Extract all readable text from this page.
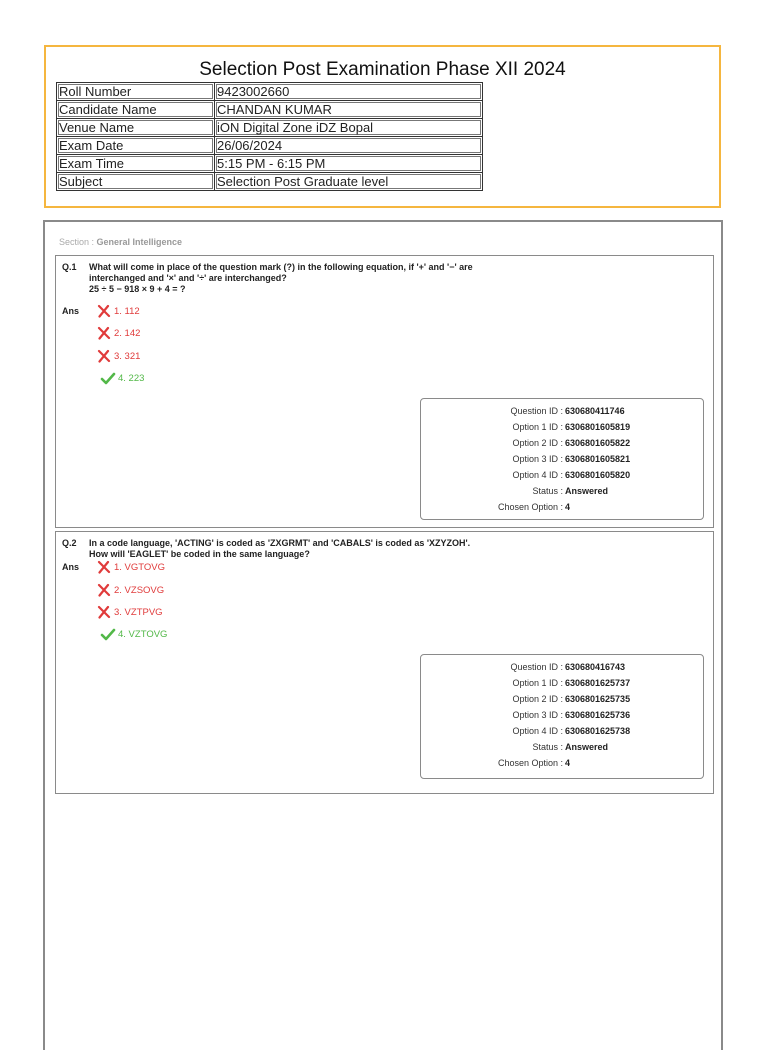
Selection Post Examination Phase XII 2024
Roll Number	9423002660
Candidate Name	CHANDAN KUMAR
Venue Name	iON Digital Zone iDZ Bopal
Exam Date	26/06/2024
Exam Time	5:15 PM - 6:15 PM
Subject	Selection Post Graduate level
Section : General Intelligence
Q.1 What will come in place of the question mark (?) in the following equation, if '+' and '−' are
interchanged and '×' and '÷' are interchanged?
25 ÷ 5 − 918 × 9 + 4 = ?
Ans	1. 112
2. 142
3. 321
4. 223
Question ID : 630680411746
Option 1 ID : 6306801605819
Option 2 ID : 6306801605822
Option 3 ID : 6306801605821
Option 4 ID : 6306801605820
Status : Answered
Chosen Option : 4
Q.2 In a code language, 'ACTING' is coded as 'ZXGRMT' and 'CABALS' is coded as 'XZYZOH'.
How will 'EAGLET' be coded in the same language?
Ans	1. VGTOVG
2. VZSOVG
3. VZTPVG
4. VZTOVG
Question ID : 630680416743
Option 1 ID : 6306801625737
Option 2 ID : 6306801625735
Option 3 ID : 6306801625736
Option 4 ID : 6306801625738
Status : Answered
Chosen Option : 4
